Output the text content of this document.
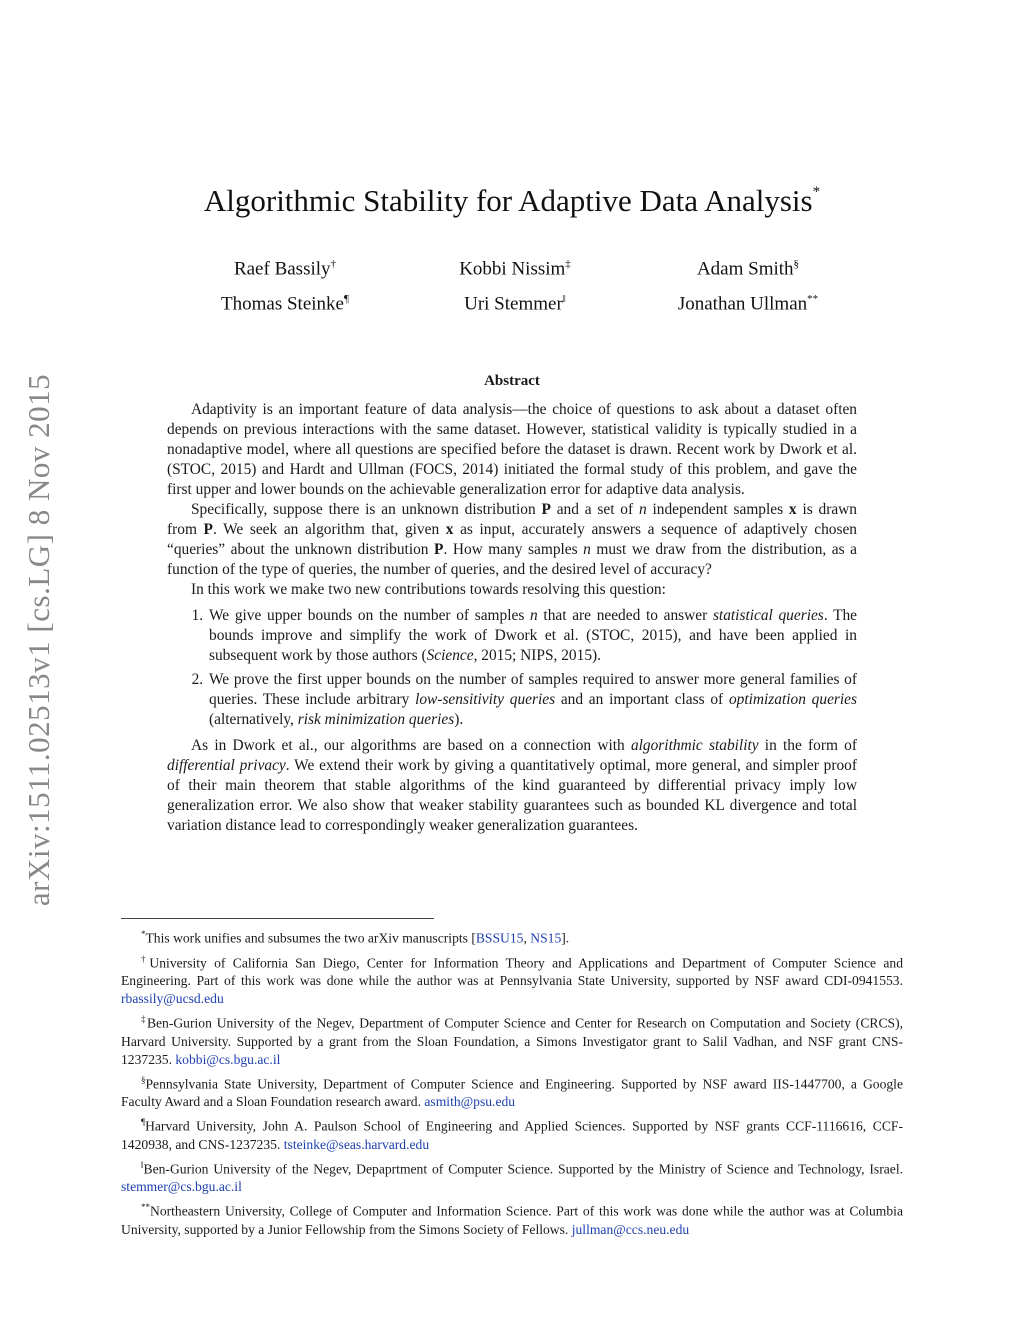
arXiv:1511.02513v1 [cs.LG] 8 Nov 2015
Algorithmic Stability for Adaptive Data Analysis*
Raef Bassily†	Kobbi Nissim‡	Adam Smith§
Thomas Steinke¶	Uri Stemmer‖	Jonathan Ullman**
Abstract

Adaptivity is an important feature of data analysis—the choice of questions to ask about a dataset often depends on previous interactions with the same dataset. However, statistical validity is typically studied in a nonadaptive model, where all questions are specified before the dataset is drawn. Recent work by Dwork et al. (STOC, 2015) and Hardt and Ullman (FOCS, 2014) initiated the formal study of this problem, and gave the first upper and lower bounds on the achievable generalization error for adaptive data analysis.

Specifically, suppose there is an unknown distribution P and a set of n independent samples x is drawn from P. We seek an algorithm that, given x as input, accurately answers a sequence of adaptively chosen “queries” about the unknown distribution P. How many samples n must we draw from the distribution, as a function of the type of queries, the number of queries, and the desired level of accuracy?

In this work we make two new contributions towards resolving this question:

1. We give upper bounds on the number of samples n that are needed to answer statistical queries. The bounds improve and simplify the work of Dwork et al. (STOC, 2015), and have been applied in subsequent work by those authors (Science, 2015; NIPS, 2015).
2. We prove the first upper bounds on the number of samples required to answer more general families of queries. These include arbitrary low-sensitivity queries and an important class of optimization queries (alternatively, risk minimization queries).

As in Dwork et al., our algorithms are based on a connection with algorithmic stability in the form of differential privacy. We extend their work by giving a quantitatively optimal, more general, and simpler proof of their main theorem that stable algorithms of the kind guaranteed by differential privacy imply low generalization error. We also show that weaker stability guarantees such as bounded KL divergence and total variation distance lead to correspondingly weaker generalization guarantees.

*This work unifies and subsumes the two arXiv manuscripts [BSSU15, NS15].

†University of California San Diego, Center for Information Theory and Applications and Department of Computer Science and Engineering. Part of this work was done while the author was at Pennsylvania State University, supported by NSF award CDI-0941553. rbassily@ucsd.edu

‡Ben-Gurion University of the Negev, Department of Computer Science and Center for Research on Computation and Society (CRCS), Harvard University. Supported by a grant from the Sloan Foundation, a Simons Investigator grant to Salil Vadhan, and NSF grant CNS-1237235. kobbi@cs.bgu.ac.il

§Pennsylvania State University, Department of Computer Science and Engineering. Supported by NSF award IIS-1447700, a Google Faculty Award and a Sloan Foundation research award. asmith@psu.edu

¶Harvard University, John A. Paulson School of Engineering and Applied Sciences. Supported by NSF grants CCF-1116616, CCF-1420938, and CNS-1237235. tsteinke@seas.harvard.edu

‖Ben-Gurion University of the Negev, Depaprtment of Computer Science. Supported by the Ministry of Science and Technology, Israel. stemmer@cs.bgu.ac.il

**Northeastern University, College of Computer and Information Science. Part of this work was done while the author was at Columbia University, supported by a Junior Fellowship from the Simons Society of Fellows. jullman@ccs.neu.edu
